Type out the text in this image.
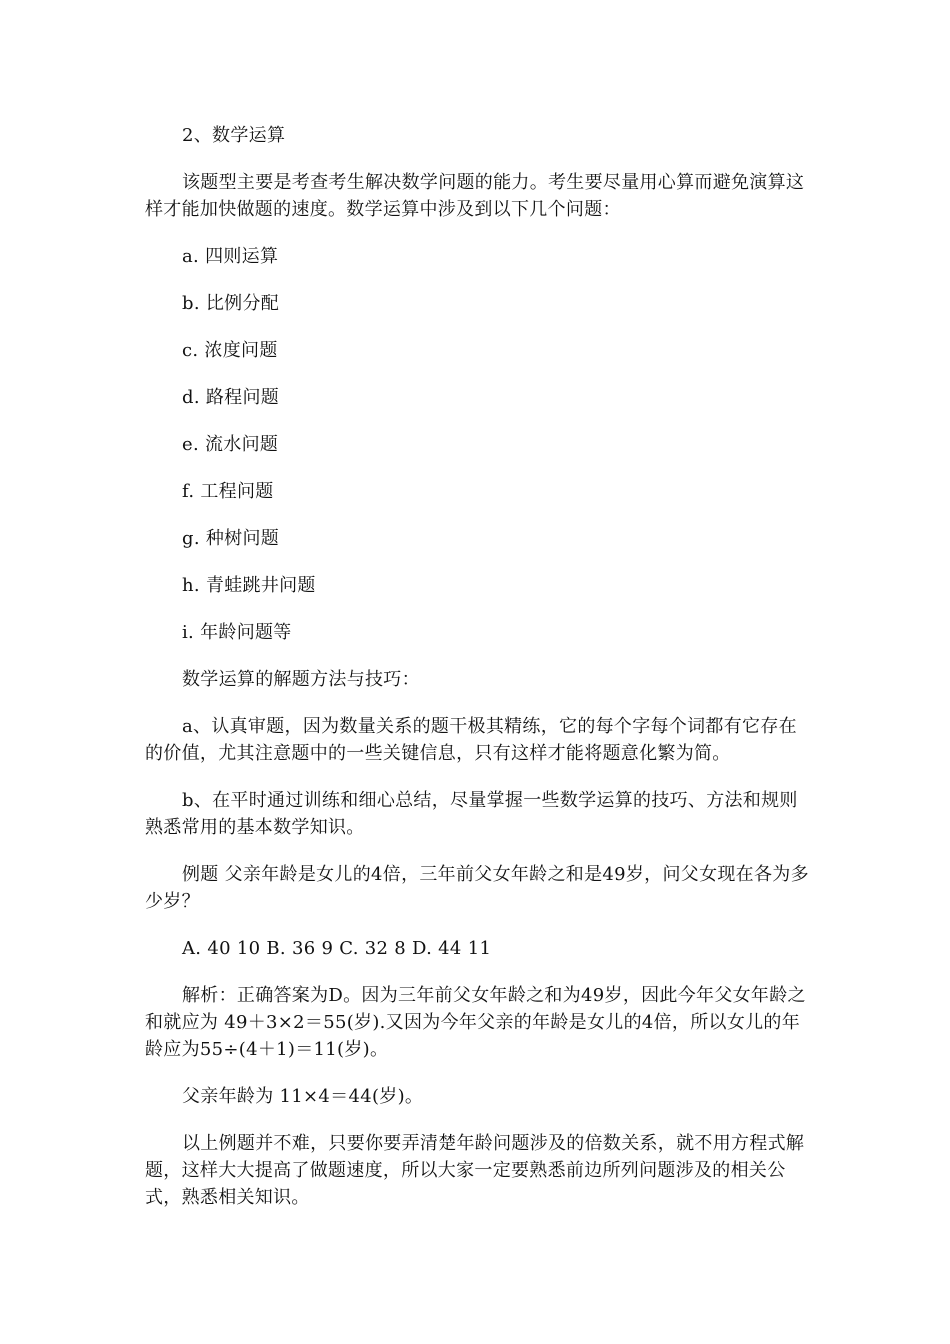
2、数学运算

该题型主要是考查考生解决数学问题的能力。考生要尽量用心算而避免演算这样才能加快做题的速度。数学运算中涉及到以下几个问题：

a. 四则运算

b. 比例分配

c. 浓度问题

d. 路程问题

e. 流水问题

f. 工程问题

g. 种树问题

h. 青蛙跳井问题

i. 年龄问题等

数学运算的解题方法与技巧：

a、认真审题，因为数量关系的题干极其精练，它的每个字每个词都有它存在的价值，尤其注意题中的一些关键信息，只有这样才能将题意化繁为简。

b、在平时通过训练和细心总结，尽量掌握一些数学运算的技巧、方法和规则熟悉常用的基本数学知识。

例题 父亲年龄是女儿的4倍，三年前父女年龄之和是49岁，问父女现在各为多少岁？

A. 40 10 B. 36 9 C. 32 8 D. 44 11

解析：正确答案为D。因为三年前父女年龄之和为49岁，因此今年父女年龄之和就应为 49＋3×2＝55(岁).又因为今年父亲的年龄是女儿的4倍，所以女儿的年龄应为55÷(4＋1)＝11(岁)。

父亲年龄为 11×4＝44(岁)。

以上例题并不难，只要你要弄清楚年龄问题涉及的倍数关系，就不用方程式解题，这样大大提高了做题速度，所以大家一定要熟悉前边所列问题涉及的相关公式，熟悉相关知识。
